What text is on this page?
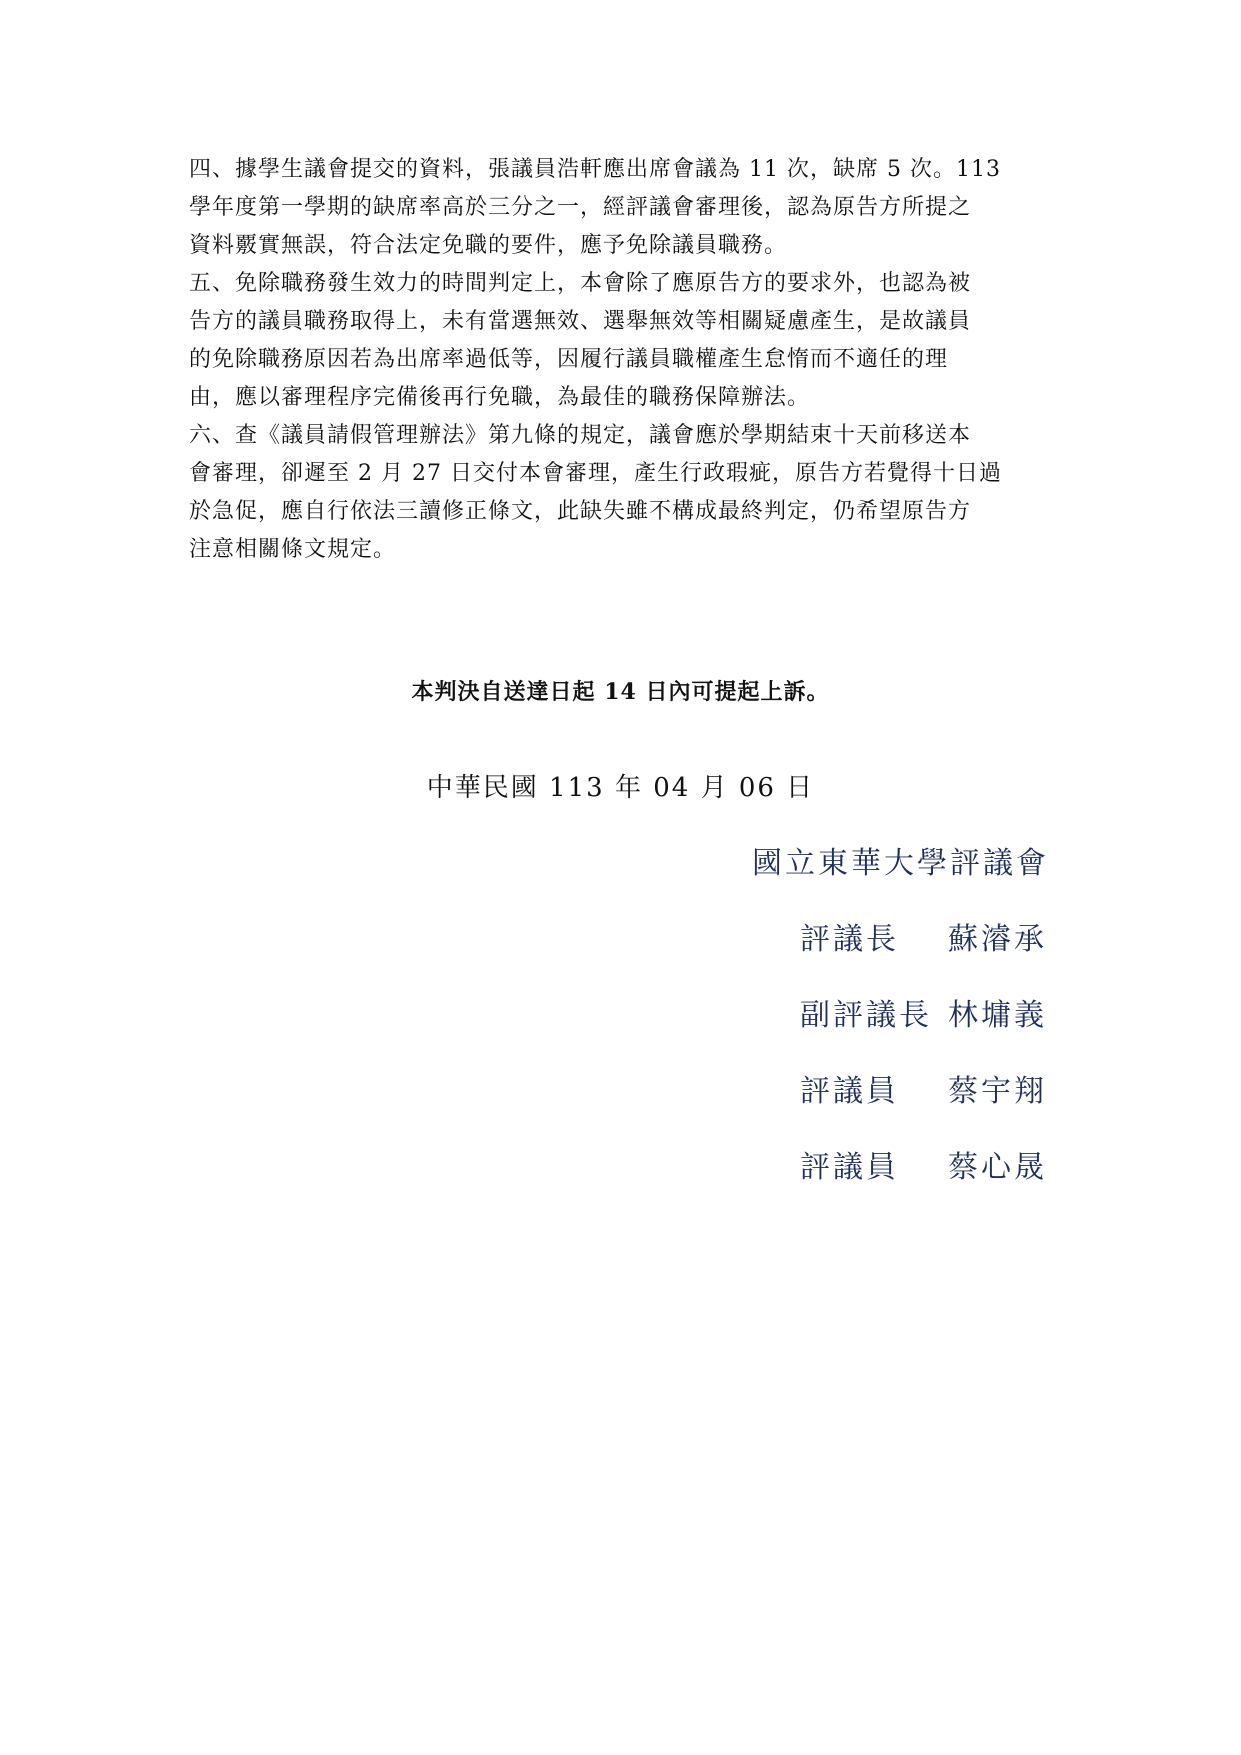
四、據學生議會提交的資料，張議員浩軒應出席會議為 11 次，缺席 5 次。113
學年度第一學期的缺席率高於三分之一，經評議會審理後，認為原告方所提之
資料覈實無誤，符合法定免職的要件，應予免除議員職務。
五、免除職務發生效力的時間判定上，本會除了應原告方的要求外，也認為被
告方的議員職務取得上，未有當選無效、選舉無效等相關疑慮產生，是故議員
的免除職務原因若為出席率過低等，因履行議員職權產生怠惰而不適任的理
由，應以審理程序完備後再行免職，為最佳的職務保障辦法。
六、查《議員請假管理辦法》第九條的規定，議會應於學期結束十天前移送本
會審理，卻遲至 2 月 27 日交付本會審理，產生行政瑕疵，原告方若覺得十日過
於急促，應自行依法三讀修正條文，此缺失雖不構成最終判定，仍希望原告方
注意相關條文規定。
本判決自送達日起 14 日內可提起上訴。
中華民國 113 年 04 月 06 日
國立東華大學評議會
評議長 蘇濬承
副評議長 林墉義
評議員 蔡宇翔
評議員 蔡心晟
